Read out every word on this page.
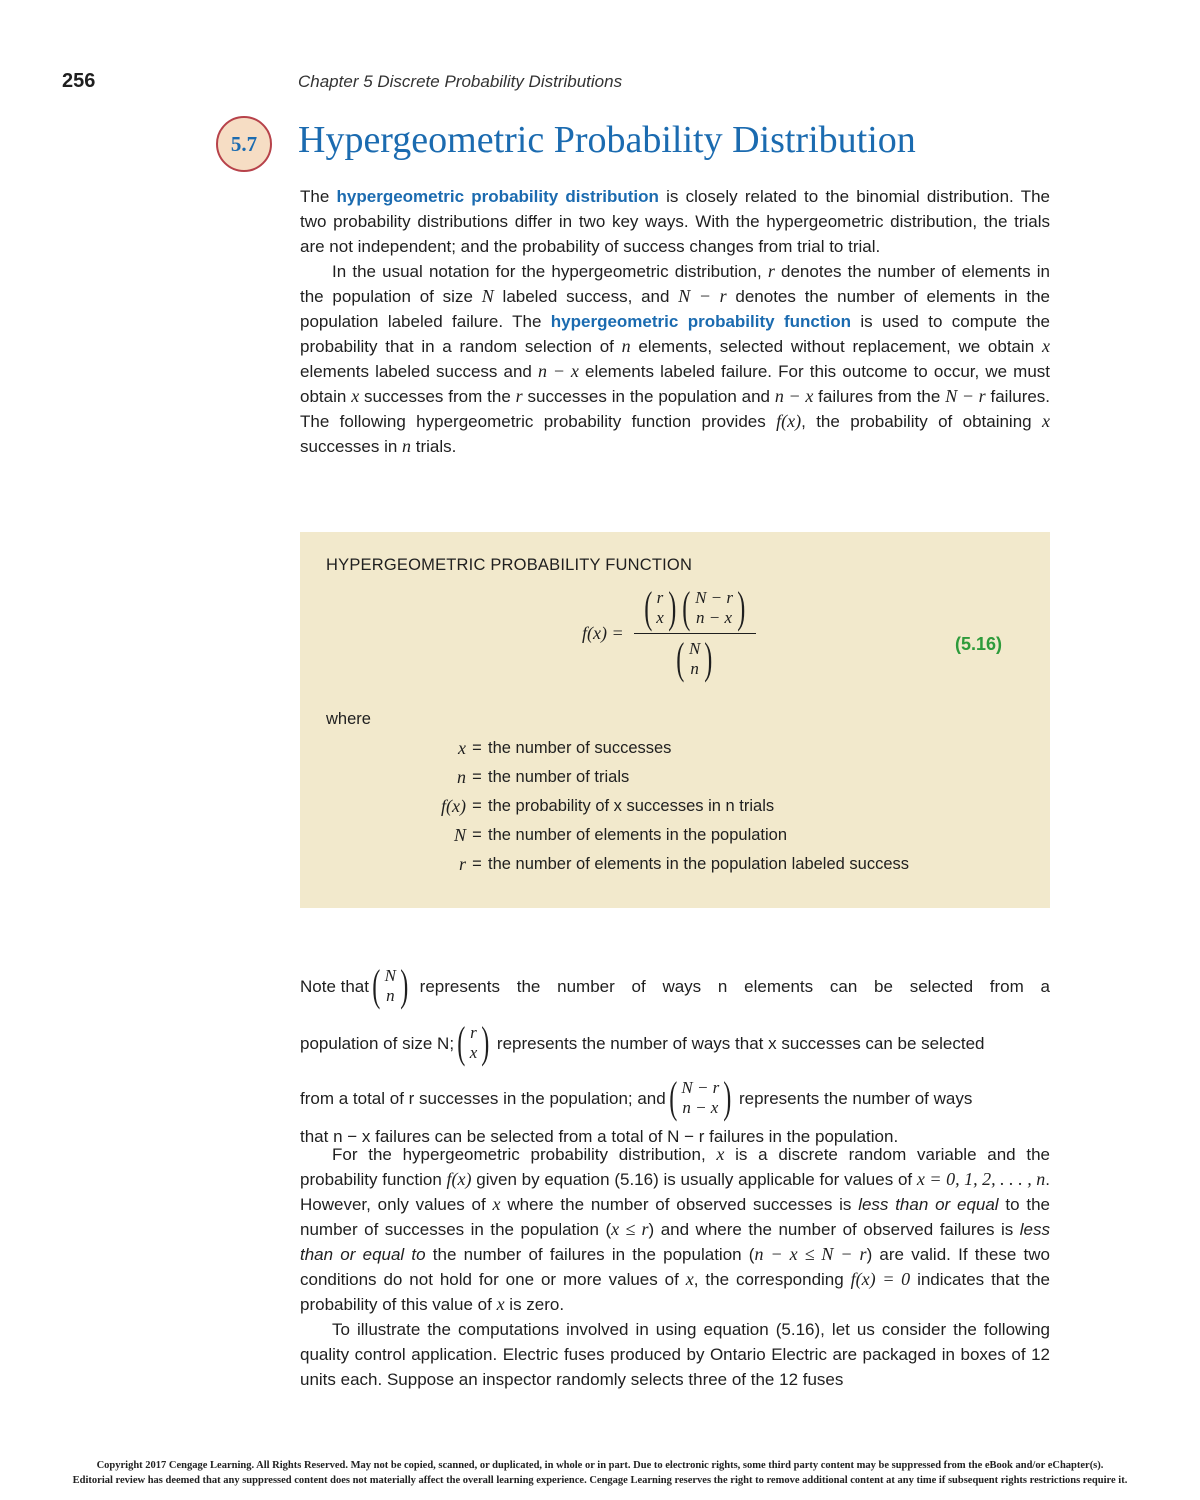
256	Chapter 5 Discrete Probability Distributions
5.7	Hypergeometric Probability Distribution

The hypergeometric probability distribution is closely related to the binomial distribution. The two probability distributions differ in two key ways. With the hypergeometric distribution, the trials are not independent; and the probability of success changes from trial to trial.

In the usual notation for the hypergeometric distribution, r denotes the number of elements in the population of size N labeled success, and N − r denotes the number of elements in the population labeled failure. The hypergeometric probability function is used to compute the probability that in a random selection of n elements, selected without replacement, we obtain x elements labeled success and n − x elements labeled failure. For this outcome to occur, we must obtain x successes from the r successes in the population and n − x failures from the N − r failures. The following hypergeometric probability function provides f(x), the probability of obtaining x successes in n trials.

HYPERGEOMETRIC PROBABILITY FUNCTION
f(x) = ( r
x ) ( N − r
n − x )
( N
n )	(5.16)
where
x = the number of successes
n = the number of trials
f(x) = the probability of x successes in n trials
N = the number of elements in the population
r = the number of elements in the population labeled success
Note that ( N
n ) represents the number of ways n elements can be selected from a
population of size N; ( r
x ) represents the number of ways that x successes can be selected
from a total of r successes in the population; and ( N − r
n − x ) represents the number of ways
that n − x failures can be selected from a total of N − r failures in the population.

For the hypergeometric probability distribution, x is a discrete random variable and the probability function f(x) given by equation (5.16) is usually applicable for values of x = 0, 1, 2, . . . , n. However, only values of x where the number of observed successes is less than or equal to the number of successes in the population (x ≤ r) and where the number of observed failures is less than or equal to the number of failures in the population (n − x ≤ N − r) are valid. If these two conditions do not hold for one or more values of x, the corresponding f(x) = 0 indicates that the probability of this value of x is zero.

To illustrate the computations involved in using equation (5.16), let us consider the following quality control application. Electric fuses produced by Ontario Electric are packaged in boxes of 12 units each. Suppose an inspector randomly selects three of the 12 fuses

Copyright 2017 Cengage Learning. All Rights Reserved. May not be copied, scanned, or duplicated, in whole or in part. Due to electronic rights, some third party content may be suppressed from the eBook and/or eChapter(s).
Editorial review has deemed that any suppressed content does not materially affect the overall learning experience. Cengage Learning reserves the right to remove additional content at any time if subsequent rights restrictions require it.
